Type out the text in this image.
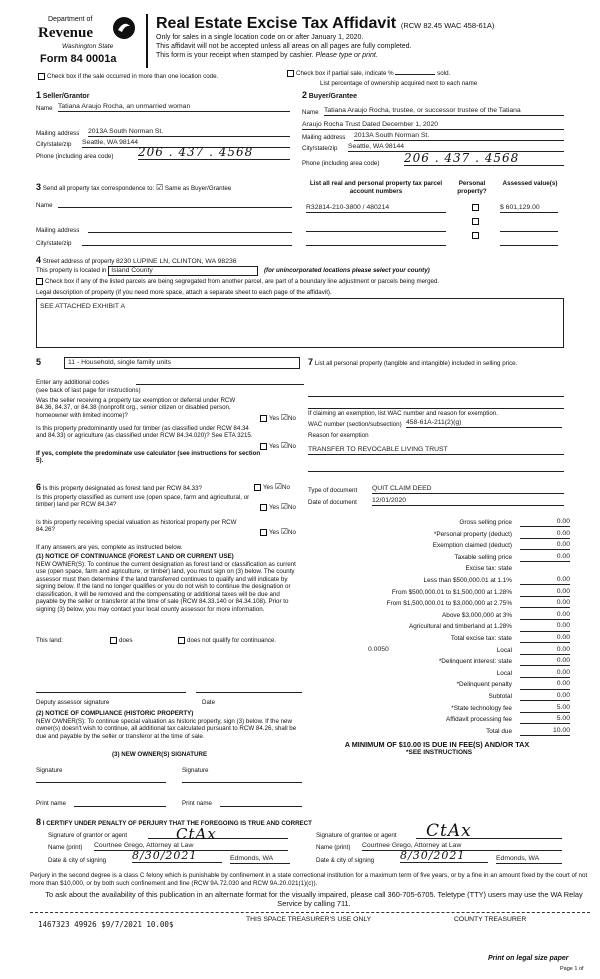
Department of
Revenue
Washington State
Form 84 0001a
Real Estate Excise Tax Affidavit (RCW 82.45 WAC 458-61A)
Only for sales in a single location code on or after January 1, 2020.
This affidavit will not be accepted unless all areas on all pages are fully completed.
This form is your receipt when stamped by cashier. Please type or print.
Check box if the sale occurred in more than one location code.	Check box if partial sale, indicate %	sold.
List percentage of ownership acquired next to each name
1 Seller/Grantor
Name Tatiana Araujo Rocha, an unmarried woman
Mailing address 2013A South Norman St.
City/state/zip Seattle, WA 98144
Phone (including area code) 206 . 437 . 4568
2 Buyer/Grantee
Name Tatiana Araujo Rocha, trustee, or successor trustee of the Tatiana
Araujo Rocha Trust Dated December 1, 2020
Mailing address 2013A South Norman St.
City/state/zip Seattle, WA 98144
Phone (including area code) 206 . 437 . 4568
3 Send all property tax correspondence to: ☑ Same as Buyer/Grantee
Name
Mailing address
City/state/zip
List all real and personal property tax parcel account numbers
Personal property?
Assessed value(s)
R32814-210-3800 / 480214	$ 601,129.00
4 Street address of property 8230 LUPINE LN, CLINTON, WA 98236
This property is located in Island County	(for unincorporated locations please select your county)
Check box if any of the listed parcels are being segregated from another parcel, are part of a boundary line adjustment or parcels being merged.
Legal description of property (if you need more space, attach a separate sheet to each page of the affidavit).
SEE ATTACHED EXHIBIT A
5	11 - Household, single family units
Enter any additional codes
(see back of last page for instructions)
Was the seller receiving a property tax exemption or deferral under RCW 84.36, 84.37, or 84.38 (nonprofit org., senior citizen or disabled person, homeowner with limited income)?	Yes ☑No
Is this property predominantly used for timber (as classified under RCW 84.34 and 84.33) or agriculture (as classified under RCW 84.34.020)? See ETA 3215.
Yes ☑No
If yes, complete the predominate use calculator (see instructions for section 5).
6 Is this property designated as forest land per RCW 84.33?	Yes ☑No
Is this property classified as current use (open space, farm and agricultural, or timber) land per RCW 84.34?	Yes ☑No
Is this property receiving special valuation as historical property per RCW 84.26?	Yes ☑No
If any answers are yes, complete as instructed below.
(1) NOTICE OF CONTINUANCE (FOREST LAND OR CURRENT USE)
NEW OWNER(S): To continue the current designation as forest land or classification as current use (open space, farm and agriculture, or timber) land, you must sign on (3) below. The county assessor must then determine if the land transferred continues to qualify and will indicate by signing below. If the land no longer qualifies or you do not wish to continue the designation or classification, it will be removed and the compensating or additional taxes will be due and payable by the seller or transferor at the time of sale (RCW 84.33.140 or 84.34.108). Prior to signing (3) below, you may contact your local county assessor for more information.
This land:	does	does not qualify for continuance.
Deputy assessor signature	Date
(2) NOTICE OF COMPLIANCE (HISTORIC PROPERTY)
NEW OWNER(S): To continue special valuation as historic property, sign (3) below. If the new owner(s) doesn't wish to continue, all additional tax calculated pursuant to RCW 84.26, shall be due and payable by the seller or transferor at the time of sale.
(3) NEW OWNER(S) SIGNATURE
Signature	Signature
Print name	Print name
7 List all personal property (tangible and intangible) included in selling price.
If claiming an exemption, list WAC number and reason for exemption.
WAC number (section/subsection) 458-61A-211(2)(g)
Reason for exemption
TRANSFER TO REVOCABLE LIVING TRUST
Type of document QUIT CLAIM DEED
Date of document 12/01/2020
Gross selling price	0.00
*Personal property (deduct)	0.00
Exemption claimed (deduct)	0.00
Taxable selling price	0.00
Excise tax: state
Less than $500,000.01 at 1.1%	0.00
From $500,000.01 to $1,500,000 at 1.28%	0.00
From $1,500,000.01 to $3,000,000 at 2.75%	0.00
Above $3,000,000 at 3%	0.00
Agricultural and timberland at 1.28%	0.00
Total excise tax: state	0.00
Local	0.00
0.0050
*Delinquent interest: state	0.00
Local	0.00
*Delinquent penalty	0.00
Subtotal	0.00
*State technology fee	5.00
Affidavit processing fee	5.00
Total due	10.00
A MINIMUM OF $10.00 IS DUE IN FEE(S) AND/OR TAX
*SEE INSTRUCTIONS
8 I CERTIFY UNDER PENALTY OF PERJURY THAT THE FOREGOING IS TRUE AND CORRECT
Signature of grantor or agent	CtAx	Signature of grantee or agent CtAx
Name (print) Courtnee Grego, Attorney at Law	Name (print) Courtnee Grego, Attorney at Law
Date & city of signing 8/30/2021	Edmonds, WA	Date & city of signing 8/30/2021	Edmonds, WA
Perjury in the second degree is a class C felony which is punishable by confinement in a state correctional institution for a maximum term of five years, or by a fine in an amount fixed by the court of not more than $10,000, or by both such confinement and fine (RCW 9A.72.030 and RCW 9A.20.021(1)(c)).
To ask about the availability of this publication in an alternate format for the visually impaired, please call 360-705-6705. Teletype (TTY) users may use the WA Relay Service by calling 711.
1467323 49926 $9/7/2021 10.00$
THIS SPACE TREASURER'S USE ONLY	COUNTY TREASURER
Print on legal size paper
Page 1 of
